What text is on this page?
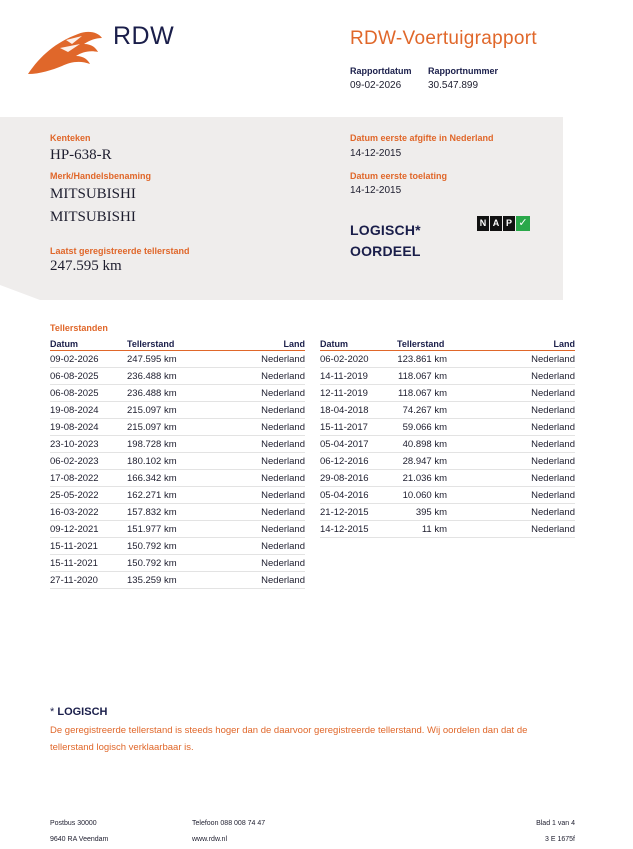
RDW	RDW-Voertuigrapport
Rapportdatum Rapportnummer
09-02-2026	30.547.899
Kenteken
HP-638-R
Merk/Handelsbenaming
MITSUBISHI
MITSUBISHI
Laatst geregistreerde tellerstand
247.595 km
Datum eerste afgifte in Nederland
14-12-2015
Datum eerste toelating
14-12-2015
LOGISCH*
OORDEEL
N A P ✓
Tellerstanden
Datum	Tellerstand	Land
09-02-2026	247.595 km	Nederland
06-08-2025	236.488 km	Nederland
06-08-2025	236.488 km	Nederland
19-08-2024	215.097 km	Nederland
19-08-2024	215.097 km	Nederland
23-10-2023	198.728 km	Nederland
06-02-2023	180.102 km	Nederland
17-08-2022	166.342 km	Nederland
25-05-2022	162.271 km	Nederland
16-03-2022	157.832 km	Nederland
09-12-2021	151.977 km	Nederland
15-11-2021	150.792 km	Nederland
15-11-2021	150.792 km	Nederland
27-11-2020	135.259 km	Nederland
Datum	Tellerstand	Land
06-02-2020	123.861 km	Nederland
14-11-2019	118.067 km	Nederland
12-11-2019	118.067 km	Nederland
18-04-2018	74.267 km	Nederland
15-11-2017	59.066 km	Nederland
05-04-2017	40.898 km	Nederland
06-12-2016	28.947 km	Nederland
29-08-2016	21.036 km	Nederland
05-04-2016	10.060 km	Nederland
21-12-2015	395 km	Nederland
14-12-2015	11 km	Nederland
* LOGISCH
De geregistreerde tellerstand is steeds hoger dan de daarvoor geregistreerde tellerstand. Wij oordelen dan dat de tellerstand logisch verklaarbaar is.
Postbus 30000
9640 RA Veendam
Telefoon 088 008 74 47
www.rdw.nl
Blad 1 van 4
3 E 1675f
